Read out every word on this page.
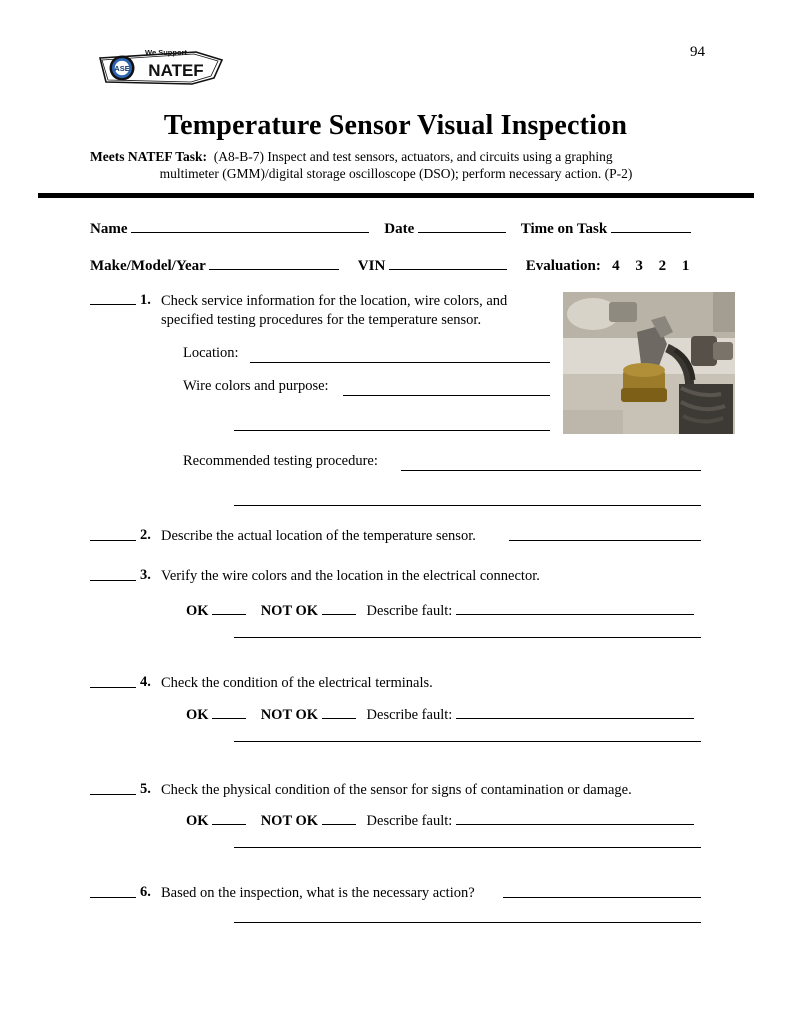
94
ASE
We Support
NATEF
Temperature Sensor Visual Inspection
Meets NATEF Task: (A8-B-7) Inspect and test sensors, actuators, and circuits using a graphing
multimeter (GMM)/digital storage oscilloscope (DSO); perform necessary action. (P-2)
Name	Date	Time on Task
Make/Model/Year	VIN	Evaluation: 4 3 2 1
1. Check service information for the location, wire colors, and
specified testing procedures for the temperature sensor.
Location:
Wire colors and purpose:
Recommended testing procedure:
2. Describe the actual location of the temperature sensor.
3. Verify the wire colors and the location in the electrical connector.
OK	NOT OK	Describe fault:
4. Check the condition of the electrical terminals.
OK	NOT OK	Describe fault:
5. Check the physical condition of the sensor for signs of contamination or damage.
OK	NOT OK	Describe fault:
6. Based on the inspection, what is the necessary action?
